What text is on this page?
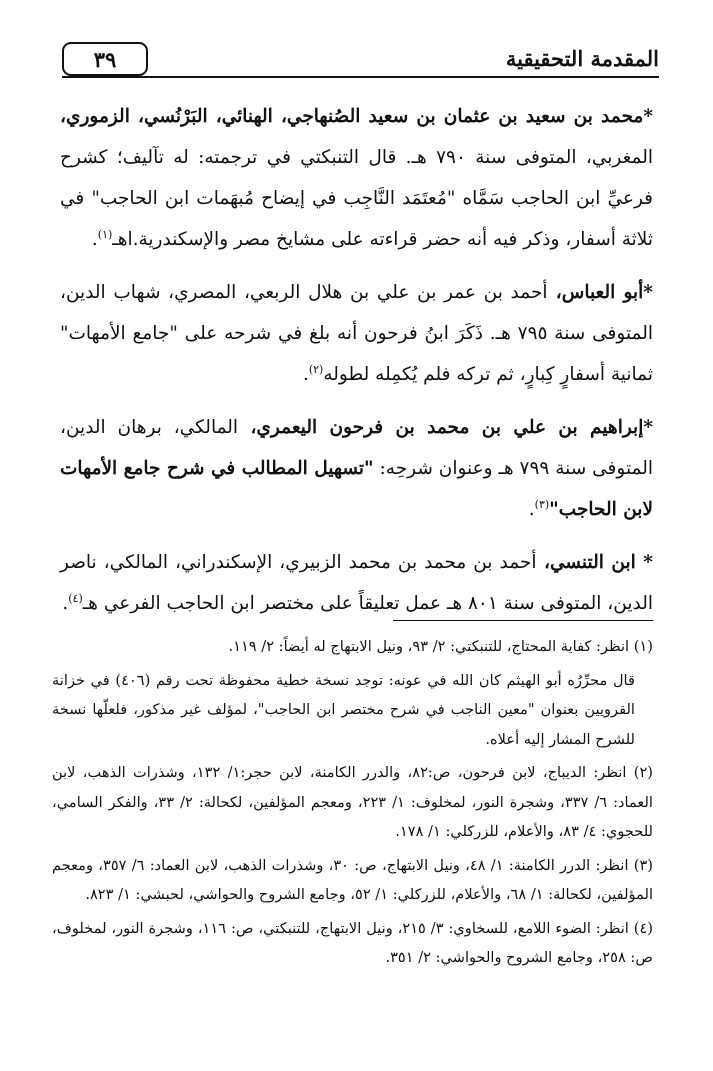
المقدمة التحقيقية
٣٩

*محمد بن سعيد بن عثمان بن سعيد الصُنهاجي، الهنائي، البَرْنُسي، الزموري، المغربي، المتوفى سنة ٧٩٠ هـ. قال التنبكتي في ترجمته: له تآليف؛ كشرح فرعيِّ ابن الحاجب سَمَّاه "مُعتَمَد النَّاجِب في إيضاح مُبهَمات ابن الحاجب" في ثلاثة أسفار، وذكر فيه أنه حضر قراءته على مشايخ مصر والإسكندرية.اهـ$^{(١)}$.

*أبو العباس، أحمد بن عمر بن علي بن هلال الربعي، المصري، شهاب الدين، المتوفى سنة ٧٩٥ هـ. ذَكَرَ ابنُ فرحون أنه بلغ في شرحه على "جامع الأمهات" ثمانية أسفارٍ كِبارٍ، ثم تركه فلم يُكمِله لطوله$^{(٢)}$.

*إبراهيم بن علي بن محمد بن فرحون اليعمري، المالكي، برهان الدين، المتوفى سنة ٧٩٩ هـ وعنوان شرحِه: "تسهيل المطالب في شرح جامع الأمهات لابن الحاجب"$^{(٣)}$.

* ابن التنسي، أحمد بن محمد بن محمد الزبيري، الإسكندراني، المالكي، ناصر الدين، المتوفى سنة ٨٠١ هـ عمل تعليقاً على مختصر ابن الحاجب الفرعي هـ$^{(٤)}$.

(١) انظر: كفاية المحتاج، للتنبكتي: ٢/ ٩٣، ونيل الابتهاج له أيضاً: ٢/ ١١٩.

قال محرِّرُه أبو الهيثم كان الله في عونه: توجد نسخة خطية محفوظة تحت رقم (٤٠٦) في خزانة القرويين بعنوان "معين الناجب في شرح مختصر ابن الحاجب"، لمؤلف غير مذكور، فلعلّها نسخة للشرح المشار إليه أعلاه.

(٢) انظر: الديباج، لابن فرحون، ص:٨٢، والدرر الكامنة، لابن حجر:١/ ١٣٢، وشذرات الذهب، لابن العماد: ٦/ ٣٣٧، وشجرة النور، لمخلوف: ١/ ٢٢٣، ومعجم المؤلفين، لكحالة: ٢/ ٣٣، والفكر السامي، للحجوي: ٤/ ٨٣، والأعلام، للزركلي: ١/ ١٧٨.

(٣) انظر: الدرر الكامنة: ١/ ٤٨، ونيل الابتهاج، ص: ٣٠، وشذرات الذهب، لابن العماد: ٦/ ٣٥٧، ومعجم المؤلفين، لكحالة: ١/ ٦٨، والأعلام، للزركلي: ١/ ٥٢، وجامع الشروح والحواشي، لحبشي: ١/ ٨٢٣.

(٤) انظر: الضوء اللامع، للسخاوي: ٣/ ٢١٥، ونيل الابتهاج، للتنبكتي، ص: ١١٦، وشجرة النور، لمخلوف، ص: ٢٥٨، وجامع الشروح والحواشي: ٢/ ٣٥١.
